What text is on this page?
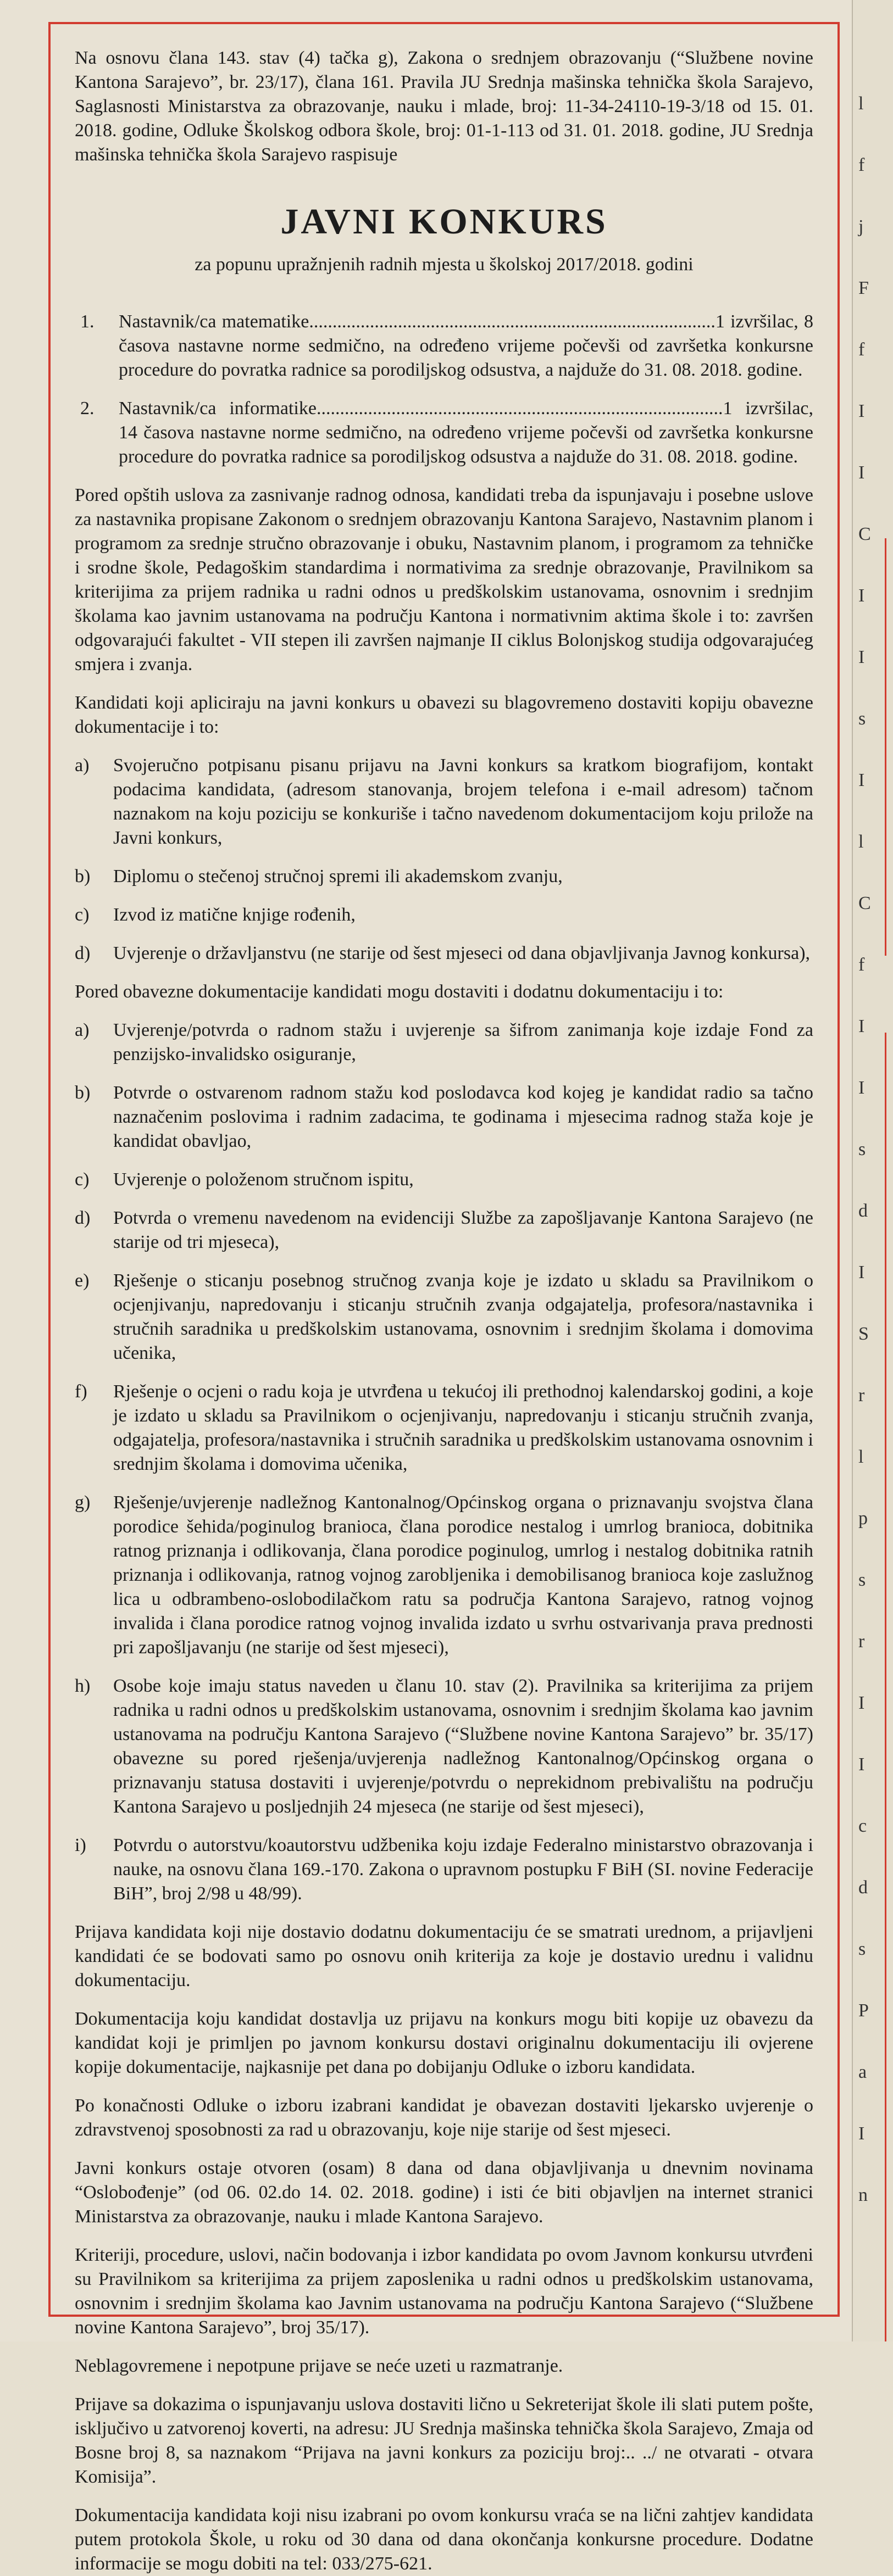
Na osnovu člana 143. stav (4) tačka g), Zakona o srednjem obrazovanju (“Službene novine Kantona Sarajevo”, br. 23/17), člana 161. Pravila JU Srednja mašinska tehnička škola Sarajevo, Saglasnosti Ministarstva za obrazovanje, nauku i mlade, broj: 11-34-24110-19-3/18 od 15. 01. 2018. godine, Odluke Školskog odbora škole, broj: 01-1-113 od 31. 01. 2018. godine, JU Srednja mašinska tehnička škola Sarajevo raspisuje

JAVNI KONKURS

za popunu upražnjenih radnih mjesta u školskoj 2017/2018. godini

1.	Nastavnik/ca matematike.......................................................................................1 izvršilac, 8 časova nastavne norme sedmično, na određeno vrijeme počevši od završetka konkursne procedure do povratka radnice sa porodiljskog odsustva, a najduže do 31. 08. 2018. godine.
2.	Nastavnik/ca informatike.......................................................................................1 izvršilac, 14 časova nastavne norme sedmično, na određeno vrijeme počevši od završetka konkursne procedure do povratka radnice sa porodiljskog odsustva a najduže do 31. 08. 2018. godine.

Pored opštih uslova za zasnivanje radnog odnosa, kandidati treba da ispunjavaju i posebne uslove za nastavnika propisane Zakonom o srednjem obrazovanju Kantona Sarajevo, Nastavnim planom i programom za srednje stručno obrazovanje i obuku, Nastavnim planom, i programom za tehničke i srodne škole, Pedagoškim standardima i normativima za srednje obrazovanje, Pravilnikom sa kriterijima za prijem radnika u radni odnos u predškolskim ustanovama, osnovnim i srednjim školama kao javnim ustanovama na području Kantona i normativnim aktima škole i to: završen odgovarajući fakultet - VII stepen ili završen najmanje II ciklus Bolonjskog studija odgovarajućeg smjera i zvanja.

Kandidati koji apliciraju na javni konkurs u obavezi su blagovremeno dostaviti kopiju obavezne dokumentacije i to:

a)	Svojeručno potpisanu pisanu prijavu na Javni konkurs sa kratkom biografijom, kontakt podacima kandidata, (adresom stanovanja, brojem telefona i e-mail adresom) tačnom naznakom na koju poziciju se konkuriše i tačno navedenom dokumentacijom koju prilože na Javni konkurs,
b)	Diplomu o stečenoj stručnoj spremi ili akademskom zvanju,
c)	Izvod iz matične knjige rođenih,
d)	Uvjerenje o državljanstvu (ne starije od šest mjeseci od dana objavljivanja Javnog konkursa),

Pored obavezne dokumentacije kandidati mogu dostaviti i dodatnu dokumentaciju i to:

a)	Uvjerenje/potvrda o radnom stažu i uvjerenje sa šifrom zanimanja koje izdaje Fond za penzijsko-invalidsko osiguranje,
b)	Potvrde o ostvarenom radnom stažu kod poslodavca kod kojeg je kandidat radio sa tačno naznačenim poslovima i radnim zadacima, te godinama i mjesecima radnog staža koje je kandidat obavljao,
c)	Uvjerenje o položenom stručnom ispitu,
d)	Potvrda o vremenu navedenom na evidenciji Službe za zapošljavanje Kantona Sarajevo (ne starije od tri mjeseca),
e)	Rješenje o sticanju posebnog stručnog zvanja koje je izdato u skladu sa Pravilnikom o ocjenjivanju, napredovanju i sticanju stručnih zvanja odgajatelja, profesora/nastavnika i stručnih saradnika u predškolskim ustanovama, osnovnim i srednjim školama i domovima učenika,
f)	Rješenje o ocjeni o radu koja je utvrđena u tekućoj ili prethodnoj kalendarskoj godini, a koje je izdato u skladu sa Pravilnikom o ocjenjivanju, napredovanju i sticanju stručnih zvanja, odgajatelja, profesora/nastavnika i stručnih saradnika u predškolskim ustanovama osnovnim i srednjim školama i domovima učenika,
g)	Rješenje/uvjerenje nadležnog Kantonalnog/Općinskog organa o priznavanju svojstva člana porodice šehida/poginulog branioca, člana porodice nestalog i umrlog branioca, dobitnika ratnog priznanja i odlikovanja, člana porodice poginulog, umrlog i nestalog dobitnika ratnih priznanja i odlikovanja, ratnog vojnog zarobljenika i demobilisanog branioca koje zaslužnog lica u odbrambeno-oslobodilačkom ratu sa područja Kantona Sarajevo, ratnog vojnog invalida i člana porodice ratnog vojnog invalida izdato u svrhu ostvarivanja prava prednosti pri zapošljavanju (ne starije od šest mjeseci),
h)	Osobe koje imaju status naveden u članu 10. stav (2). Pravilnika sa kriterijima za prijem radnika u radni odnos u predškolskim ustanovama, osnovnim i srednjim školama kao javnim ustanovama na području Kantona Sarajevo (“Službene novine Kantona Sarajevo” br. 35/17) obavezne su pored rješenja/uvjerenja nadležnog Kantonalnog/Općinskog organa o priznavanju statusa dostaviti i uvjerenje/potvrdu o neprekidnom prebivalištu na području Kantona Sarajevo u posljednjih 24 mjeseca (ne starije od šest mjeseci),
i)	Potvrdu o autorstvu/koautorstvu udžbenika koju izdaje Federalno ministarstvo obrazovanja i nauke, na osnovu člana 169.-170. Zakona o upravnom postupku F BiH (SI. novine Federacije BiH”, broj 2/98 u 48/99).

Prijava kandidata koji nije dostavio dodatnu dokumentaciju će se smatrati urednom, a prijavljeni kandidati će se bodovati samo po osnovu onih kriterija za koje je dostavio urednu i validnu dokumentaciju.

Dokumentacija koju kandidat dostavlja uz prijavu na konkurs mogu biti kopije uz obavezu da kandidat koji je primljen po javnom konkursu dostavi originalnu dokumentaciju ili ovjerene kopije dokumentacije, najkasnije pet dana po dobijanju Odluke o izboru kandidata.

Po konačnosti Odluke o izboru izabrani kandidat je obavezan dostaviti ljekarsko uvjerenje o zdravstvenoj sposobnosti za rad u obrazovanju, koje nije starije od šest mjeseci.

Javni konkurs ostaje otvoren (osam) 8 dana od dana objavljivanja u dnevnim novinama “Oslobođenje” (od 06. 02.do 14. 02. 2018. godine) i isti će biti objavljen na internet stranici Ministarstva za obrazovanje, nauku i mlade Kantona Sarajevo.

Kriteriji, procedure, uslovi, način bodovanja i izbor kandidata po ovom Javnom konkursu utvrđeni su Pravilnikom sa kriterijima za prijem zaposlenika u radni odnos u predškolskim ustanovama, osnovnim i srednjim školama kao Javnim ustanovama na području Kantona Sarajevo (“Službene novine Kantona Sarajevo”, broj 35/17).

Neblagovremene i nepotpune prijave se neće uzeti u razmatranje.

Prijave sa dokazima o ispunjavanju uslova dostaviti lično u Sekreterijat škole ili slati putem pošte, isključivo u zatvorenoj koverti, na adresu: JU Srednja mašinska tehnička škola Sarajevo, Zmaja od Bosne broj 8, sa naznakom “Prijava na javni konkurs za poziciju broj:.. ../ ne otvarati - otvara Komisija”.

Dokumentacija kandidata koji nisu izabrani po ovom konkursu vraća se na lični zahtjev kandidata putem protokola Škole, u roku od 30 dana od dana okončanja konkursne procedure. Dodatne informacije se mogu dobiti na tel: 033/275-621.

l
f
j
F
f
I
I
C
I
I
s
I
l
C
f
I
I
s
d
I
S
r
l
p
s
r
I
I
c
d
s
P
a
I
n
